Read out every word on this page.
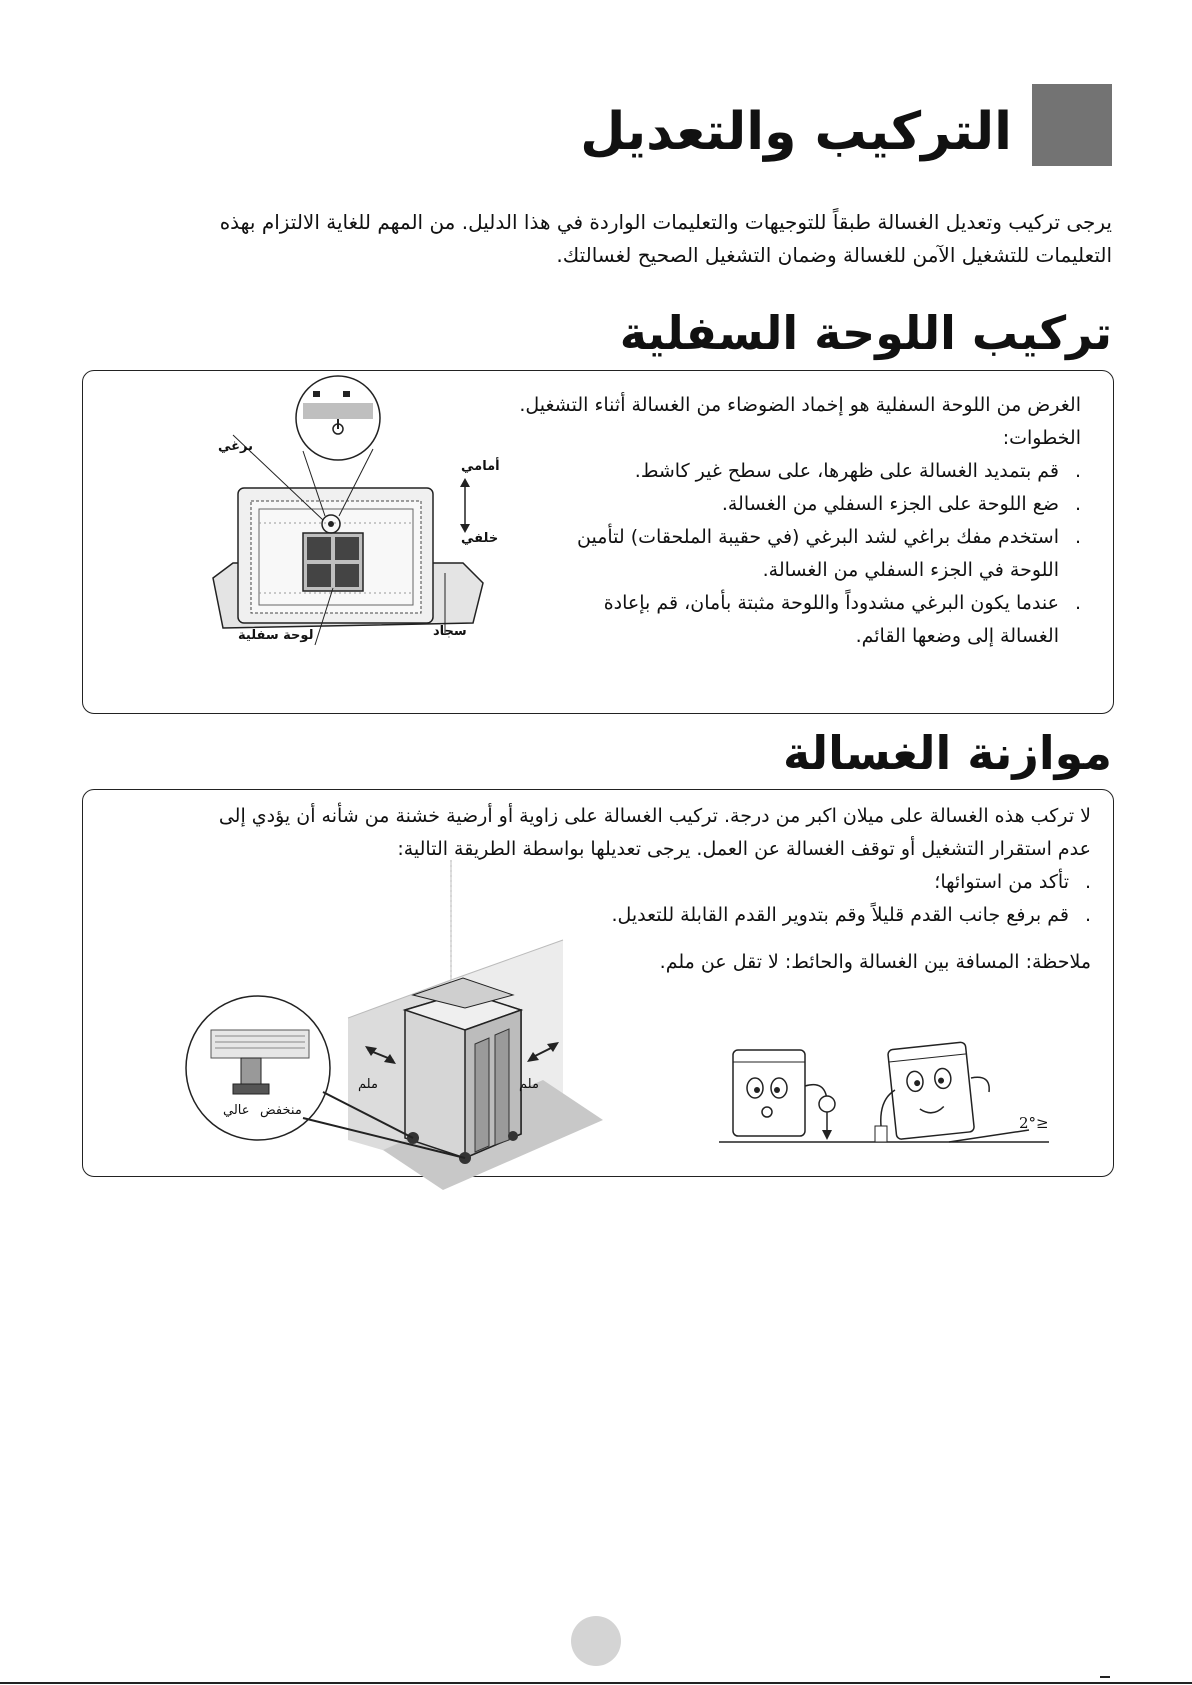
التركيب والتعديل
يرجى تركيب وتعديل الغسالة طبقاً للتوجيهات والتعليمات الواردة في هذا الدليل. من المهم للغاية الالتزام بهذه
التعليمات للتشغيل الآمن للغسالة وضمان التشغيل الصحيح لغسالتك.
تركيب اللوحة السفلية
الغرض من اللوحة السفلية هو إخماد الضوضاء من الغسالة أثناء التشغيل.
الخطوات:
.
قم بتمديد الغسالة على ظهرها، على سطح غير كاشط.
.
ضع اللوحة على الجزء السفلي من الغسالة.
.
استخدم مفك براغي لشد البرغي (في حقيبة الملحقات) لتأمين
اللوحة في الجزء السفلي من الغسالة.
.
عندما يكون البرغي مشدوداً واللوحة مثبتة بأمان، قم بإعادة
الغسالة إلى وضعها القائم.
برغي
أمامي
خلفي
لوحة سفلية	سجاد
موازنة الغسالة
لا تركب هذه الغسالة على ميلان اكبر من درجة. تركيب الغسالة على زاوية أو أرضية خشنة من شأنه أن يؤدي إلى
عدم استقرار التشغيل أو توقف الغسالة عن العمل. يرجى تعديلها بواسطة الطريقة التالية:
.
تأكد من استوائها؛
.
قم برفع جانب القدم قليلاً وقم بتدوير القدم القابلة للتعديل.
ملاحظة: المسافة بين الغسالة والحائط: لا تقل عن ملم.
ملم	ملم
عالي منخفض
≤2°
